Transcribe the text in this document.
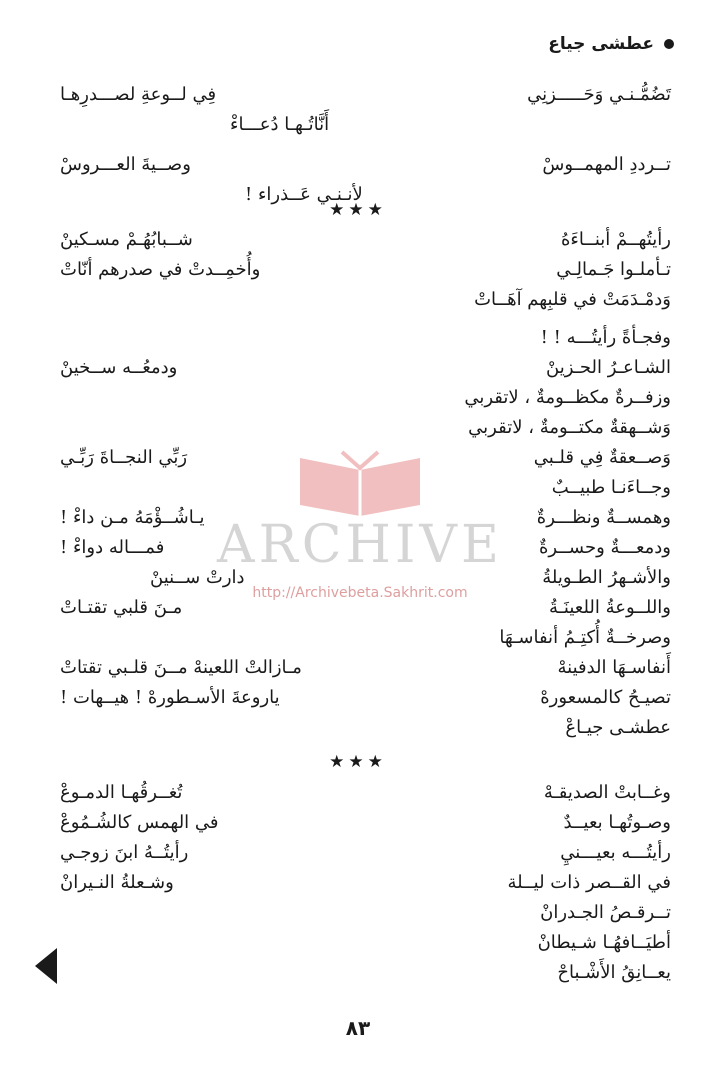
عطشى جياع
تَضُمُّـنـي وَحَـــــزنِي
فِي لــوعةِ لصـــدرِهـا
أَنَّاتُـهـا دُعـــاءْ
تــرددِ المهمــوسْ
وصــيةَ العـــروسْ
لأنـنـي عَــذراء !
★★★
رأيتُهــمْ أبنــاءَهُ
شــبابُهُـمْ مسـكينْ
تـأملـوا جَـمالِـي
وأُخمِــدتْ في صدرهم أنّاتْ
وَدمْـدَمَتْ في قلبِهم آهَــاتْ
وفجـأةً رأيتُـــه ! !
الشـاعـرُ الحـزينْ
ودمعُــه ســخينْ
وزفــرةٌ مكظــومةٌ ، لاتقربي
وَشــهقةٌ مكتــومةٌ ، لاتقربي
وَصــعقةٌ فِي قلـبي
رَبِّي النجــاةَ رَبِّـي
وجــاءَنـا طبيــبٌ
وهمســةٌ ونظـــرةٌ
يـاشُــؤْمَهُ مـن داءْ !
ودمعـــةٌ وحســرةٌ
فمـــاله دواءْ !
والأشـهرُ الطـويلةُ
دارتْ ســنينْ
واللــوعةُ اللعينَـةُ
مـنَ قلبي تقتـاتْ
وصرخــةٌ أُكتِـمُ أنفاسـهَا
أَنفاسـهَا الدفينهْ
مـازالتْ اللعينهْ مــنَ قلـبي تقتاتْ
تصيـحُ كالمسعورهْ
ياروعةَ الأسـطورهْ ! هيــهات !
عطشـى جيـاعْ
★★★
وغــابتْ الصديقـهْ
تُغــرقُهـا الدمـوعْ
وصـوتُهـا بعيــدٌ
في الهمس كالشُـمُوعْ
رأيتُـــه بعيـــنيِ
رأيتُــهُ ابنَ زوجـي
في القــصر ذات ليــلة
وشـعلةُ النـيرانْ
تــرقـصُ الجـدرانْ
أطيَــافهُـا شـيطانْ
يعــانِقُ الأَشْـباحْ
ARCHIVE
http://Archivebeta.Sakhrit.com
٨٣
